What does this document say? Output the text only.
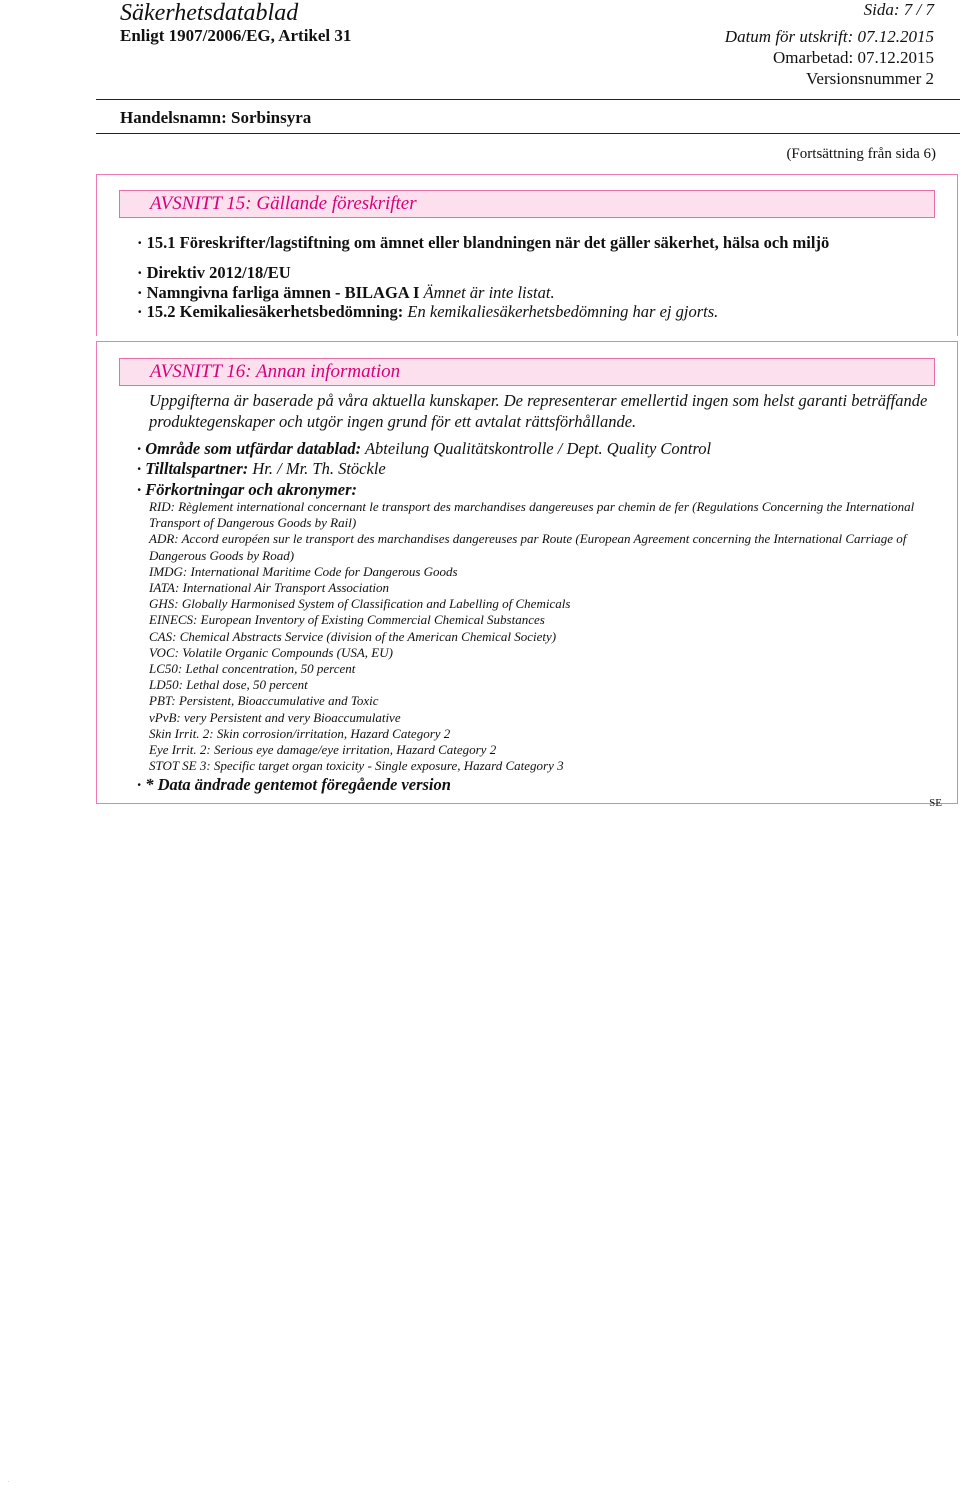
Säkerhetsdatablad
Enligt 1907/2006/EG, Artikel 31
Sida: 7 / 7
Datum för utskrift: 07.12.2015
Omarbetad: 07.12.2015
Versionsnummer 2
Handelsnamn: Sorbinsyra
(Fortsättning från sida 6)
AVSNITT 15: Gällande föreskrifter
· 15.1 Föreskrifter/lagstiftning om ämnet eller blandningen när det gäller säkerhet, hälsa och miljö
· Direktiv 2012/18/EU
· Namngivna farliga ämnen - BILAGA I Ämnet är inte listat.
· 15.2 Kemikaliesäkerhetsbedömning: En kemikaliesäkerhetsbedömning har ej gjorts.
AVSNITT 16: Annan information
Uppgifterna är baserade på våra aktuella kunskaper. De representerar emellertid ingen som helst garanti beträffande produktegenskaper och utgör ingen grund för ett avtalat rättsförhållande.
· Område som utfärdar datablad: Abteilung Qualitätskontrolle / Dept. Quality Control
· Tilltalspartner: Hr. / Mr. Th. Stöckle
· Förkortningar och akronymer:
RID: Règlement international concernant le transport des marchandises dangereuses par chemin de fer (Regulations Concerning the International Transport of Dangerous Goods by Rail)
ADR: Accord européen sur le transport des marchandises dangereuses par Route (European Agreement concerning the International Carriage of Dangerous Goods by Road)
IMDG: International Maritime Code for Dangerous Goods
IATA: International Air Transport Association
GHS: Globally Harmonised System of Classification and Labelling of Chemicals
EINECS: European Inventory of Existing Commercial Chemical Substances
CAS: Chemical Abstracts Service (division of the American Chemical Society)
VOC: Volatile Organic Compounds (USA, EU)
LC50: Lethal concentration, 50 percent
LD50: Lethal dose, 50 percent
PBT: Persistent, Bioaccumulative and Toxic
vPvB: very Persistent and very Bioaccumulative
Skin Irrit. 2: Skin corrosion/irritation, Hazard Category 2
Eye Irrit. 2: Serious eye damage/eye irritation, Hazard Category 2
STOT SE 3: Specific target organ toxicity - Single exposure, Hazard Category 3
· * Data ändrade gentemot föregående version
SE
.
